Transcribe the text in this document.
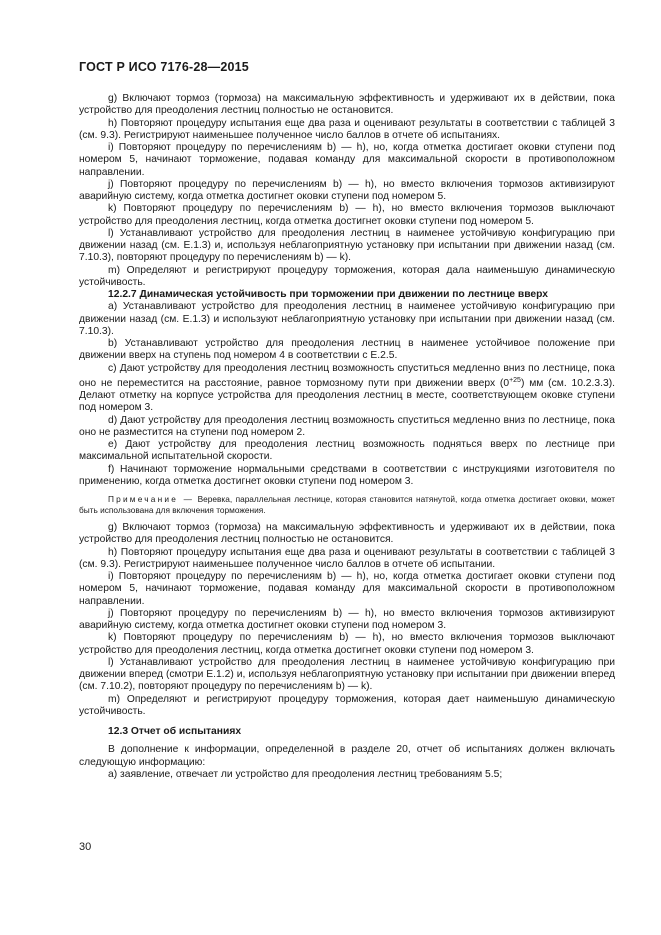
ГОСТ Р ИСО 7176-28—2015

g) Включают тормоз (тормоза) на максимальную эффективность и удерживают их в действии, пока устройство для преодоления лестниц полностью не остановится.

h) Повторяют процедуру испытания еще два раза и оценивают результаты в соответствии с таблицей 3 (см. 9.3). Регистрируют наименьшее полученное число баллов в отчете об испытаниях.

i) Повторяют процедуру по перечислениям b) — h), но, когда отметка достигает оковки ступени под номером 5, начинают торможение, подавая команду для максимальной скорости в противоположном направлении.

j) Повторяют процедуру по перечислениям b) — h), но вместо включения тормозов активизируют аварийную систему, когда отметка достигнет оковки ступени под номером 5.

k) Повторяют процедуру по перечислениям b) — h), но вместо включения тормозов выключают устройство для преодоления лестниц, когда отметка достигнет оковки ступени под номером 5.

l) Устанавливают устройство для преодоления лестниц в наименее устойчивую конфигурацию при движении назад (см. Е.1.3) и, используя неблагоприятную установку при испытании при движении назад (см. 7.10.3), повторяют процедуру по перечислениям b) — k).

m) Определяют и регистрируют процедуру торможения, которая дала наименьшую динамическую устойчивость.

12.2.7 Динамическая устойчивость при торможении при движении по лестнице вверх

a) Устанавливают устройство для преодоления лестниц в наименее устойчивую конфигурацию при движении назад (см. Е.1.3) и используют неблагоприятную установку при испытании при движении назад (см. 7.10.3).

b) Устанавливают устройство для преодоления лестниц в наименее устойчивое положение при движении вверх на ступень под номером 4 в соответствии с Е.2.5.

c) Дают устройству для преодоления лестниц возможность спуститься медленно вниз по лестнице, пока оно не переместится на расстояние, равное тормозному пути при движении вверх $(0^{+25})$ мм (см. 10.2.3.3). Делают отметку на корпусе устройства для преодоления лестниц в месте, соответствующем оковке ступени под номером 3.

d) Дают устройству для преодоления лестниц возможность спуститься медленно вниз по лестнице, пока оно не разместится на ступени под номером 2.

e) Дают устройству для преодоления лестниц возможность подняться вверх по лестнице при максимальной испытательной скорости.

f) Начинают торможение нормальными средствами в соответствии с инструкциями изготовителя по применению, когда отметка достигнет оковки ступени под номером 3.

Примечание — Веревка, параллельная лестнице, которая становится натянутой, когда отметка достигает оковки, может быть использована для включения торможения.

g) Включают тормоз (тормоза) на максимальную эффективность и удерживают их в действии, пока устройство для преодоления лестниц полностью не остановится.

h) Повторяют процедуру испытания еще два раза и оценивают результаты в соответствии с таблицей 3 (см. 9.3). Регистрируют наименьшее полученное число баллов в отчете об испытании.

i) Повторяют процедуру по перечислениям b) — h), но, когда отметка достигает оковки ступени под номером 5, начинают торможение, подавая команду для максимальной скорости в противоположном направлении.

j) Повторяют процедуру по перечислениям b) — h), но вместо включения тормозов активизируют аварийную систему, когда отметка достигнет оковки ступени под номером 3.

k) Повторяют процедуру по перечислениям b) — h), но вместо включения тормозов выключают устройство для преодоления лестниц, когда отметка достигнет оковки ступени под номером 3.

l) Устанавливают устройство для преодоления лестниц в наименее устойчивую конфигурацию при движении вперед (смотри Е.1.2) и, используя неблагоприятную установку при испытании при движении вперед (см. 7.10.2), повторяют процедуру по перечислениям b) — k).

m) Определяют и регистрируют процедуру торможения, которая дает наименьшую динамическую устойчивость.

12.3 Отчет об испытаниях

В дополнение к информации, определенной в разделе 20, отчет об испытаниях должен включать следующую информацию:

а) заявление, отвечает ли устройство для преодоления лестниц требованиям 5.5;

30
